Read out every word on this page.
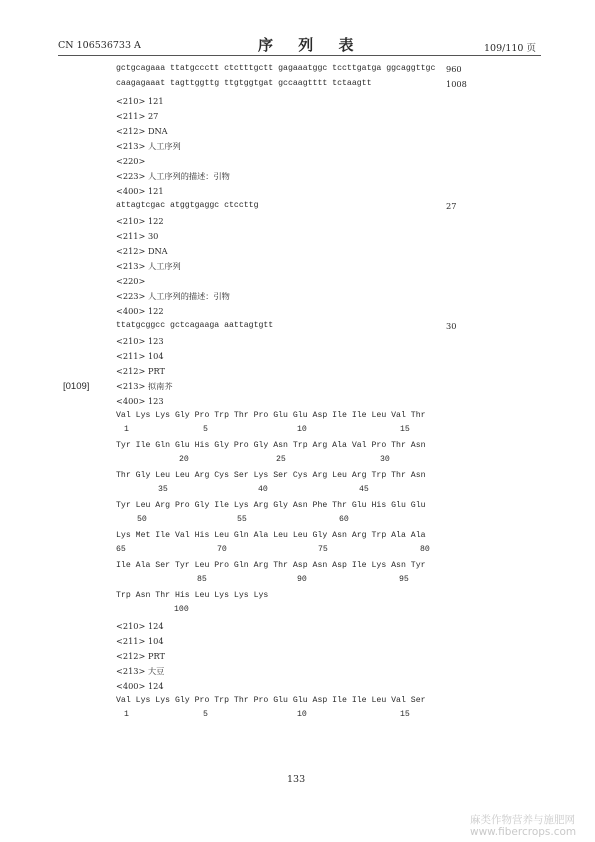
CN 106536733 A	序 列 表	109/110 页
gctgcagaaa ttatgccctt ctctttgctt gagaaatggc tccttgatga ggcaggttgc 960
caagagaaat tagttggttg ttgtggtgat gccaagtttt tctaagtt	1008
<210> 121
<211> 27
<212> DNA
<213> 人工序列
<220>
<223> 人工序列的描述：引物
<400> 121
attagtcgac atggtgaggc ctccttg	27
<210> 122
<211> 30
<212> DNA
<213> 人工序列
<220>
<223> 人工序列的描述：引物
<400> 122
ttatgcggcc gctcagaaga aattagtgtt	30
<210> 123
<211> 104
<212> PRT
<213> 拟南芥
[0109]
<400> 123
Val Lys Lys Gly Pro Trp Thr Pro Glu Glu Asp Ile Ile Leu Val Thr
1	5	10	15
Tyr Ile Gln Glu His Gly Pro Gly Asn Trp Arg Ala Val Pro Thr Asn
20	25	30
Thr Gly Leu Leu Arg Cys Ser Lys Ser Cys Arg Leu Arg Trp Thr Asn
35	40	45
Tyr Leu Arg Pro Gly Ile Lys Arg Gly Asn Phe Thr Glu His Glu Glu
50	55	60
Lys Met Ile Val His Leu Gln Ala Leu Leu Gly Asn Arg Trp Ala Ala
65	70	75	80
Ile Ala Ser Tyr Leu Pro Gln Arg Thr Asp Asn Asp Ile Lys Asn Tyr
85	90	95
Trp Asn Thr His Leu Lys Lys Lys
100
<210> 124
<211> 104
<212> PRT
<213> 大豆
<400> 124
Val Lys Lys Gly Pro Trp Thr Pro Glu Glu Asp Ile Ile Leu Val Ser
1	5	10	15
133
麻类作物营养与施肥网
www.fibercrops.com
